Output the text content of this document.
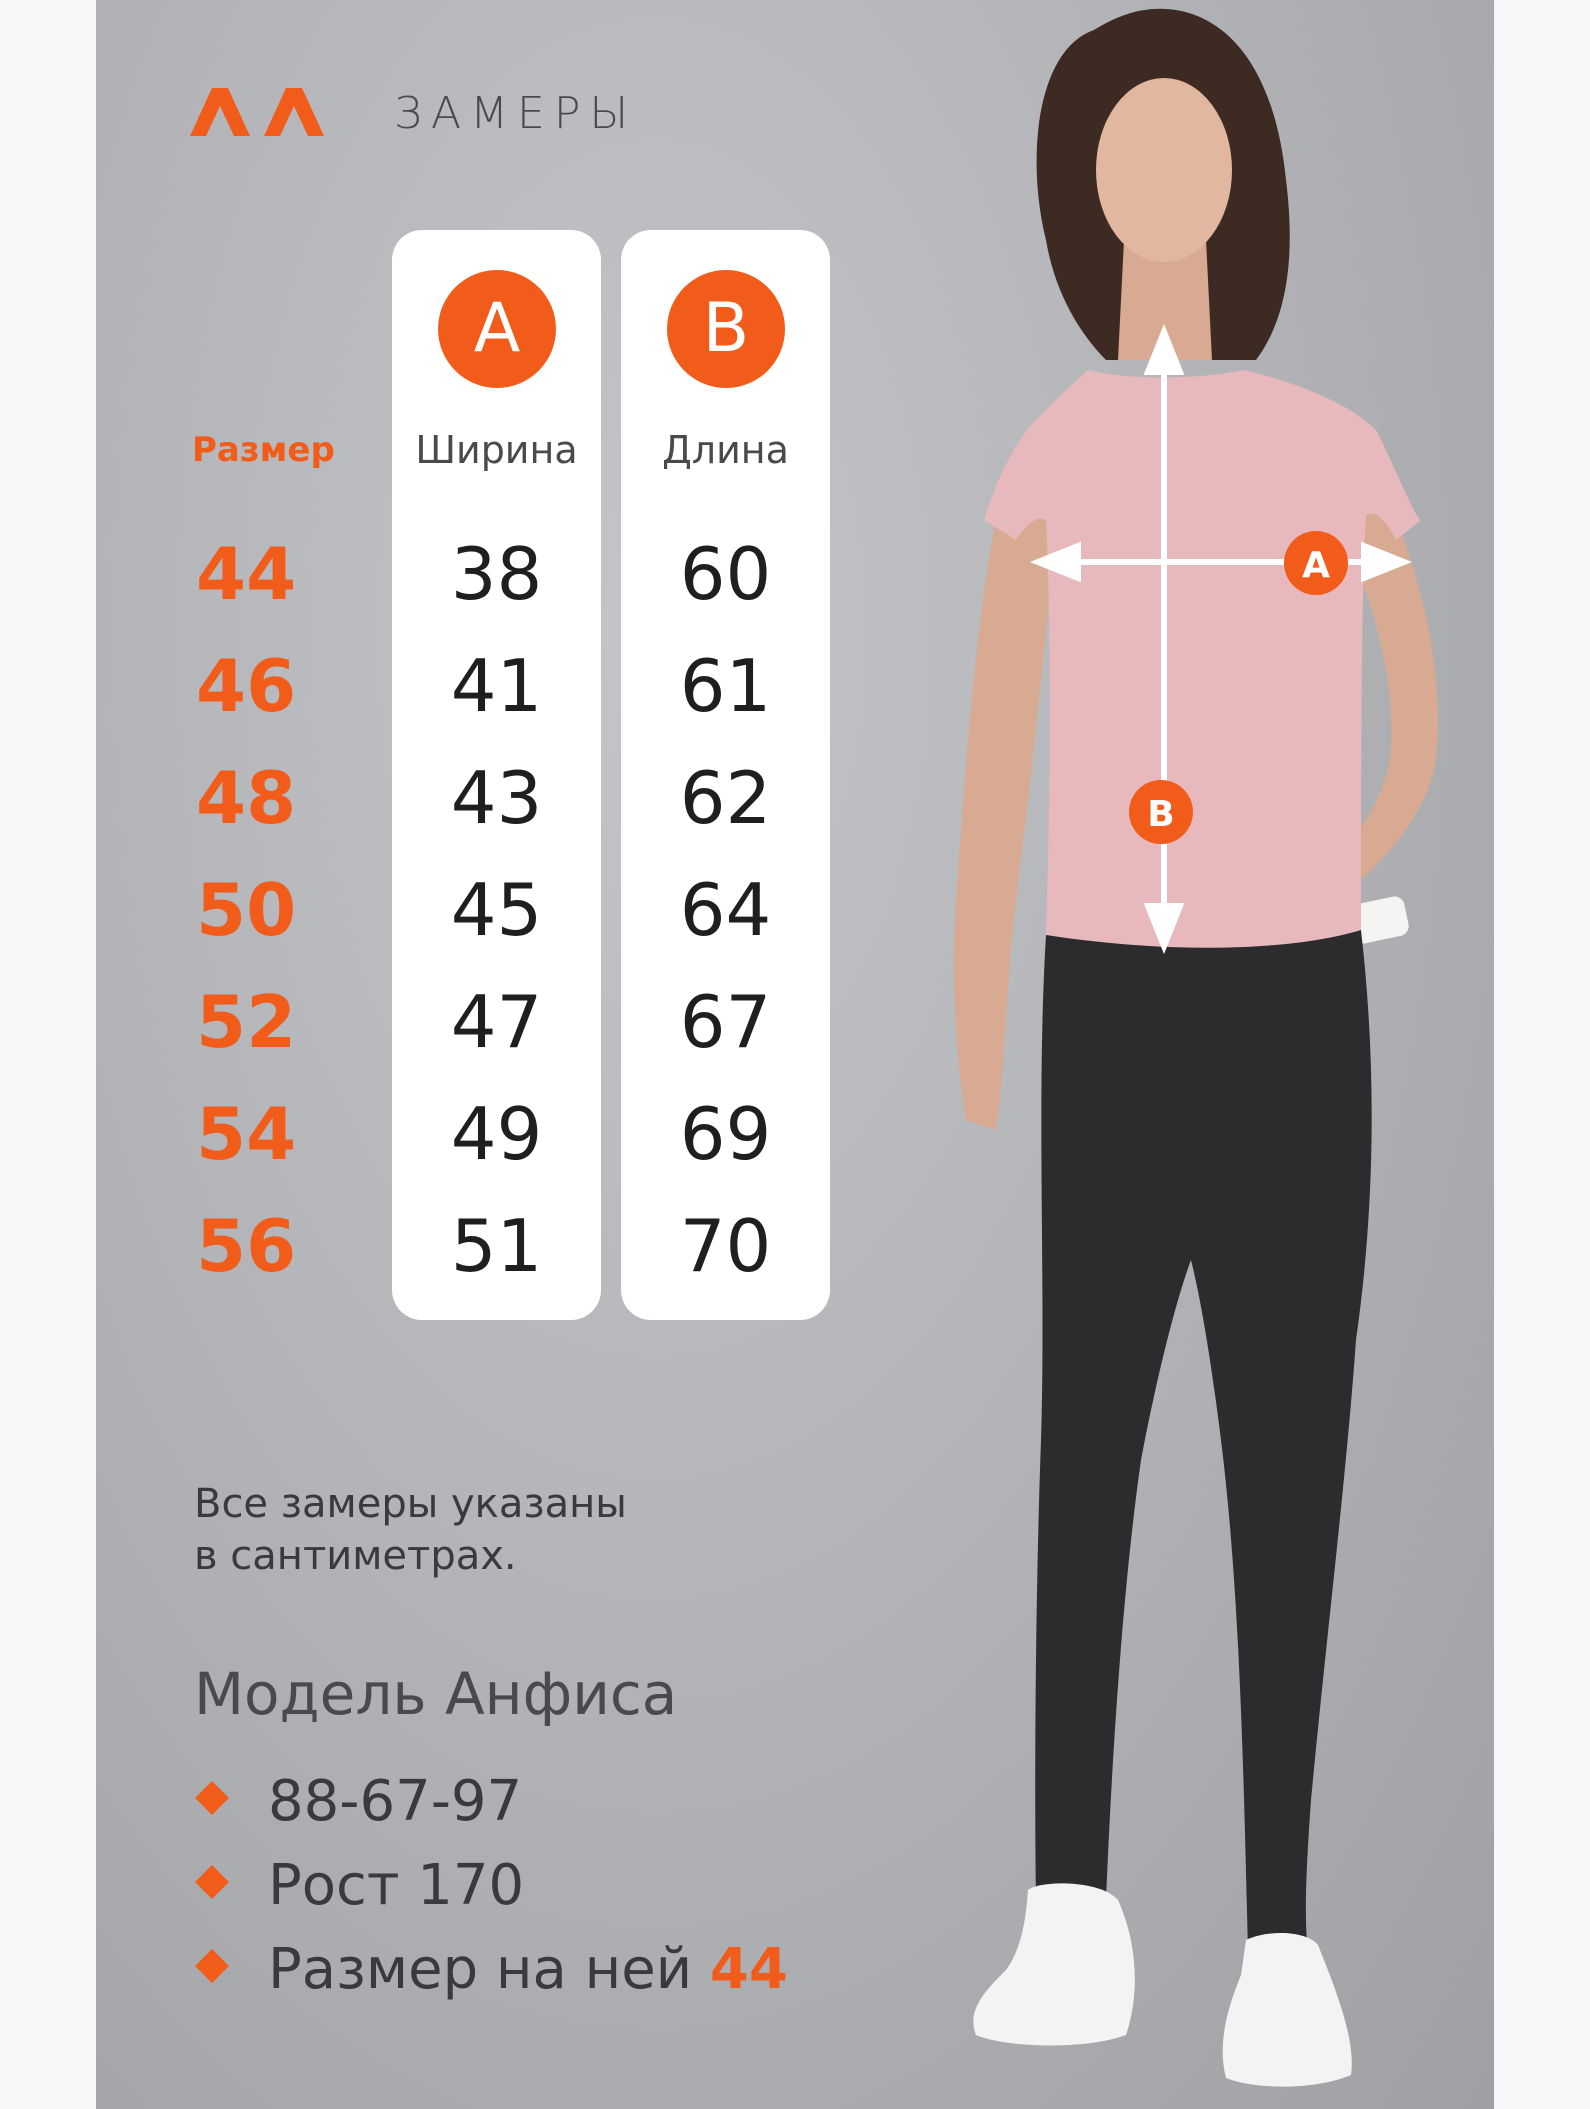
ЗАМЕРЫ
Размер
44
46
48
50
52
54
56
A
Ширина
38
41
43
45
47
49
51
B
Длина
60
61
62
64
67
69
70
Все замеры указаны
в сантиметрах.
Модель Анфиса
88-67-97
Рост 170
Размер на ней 44
A
B
